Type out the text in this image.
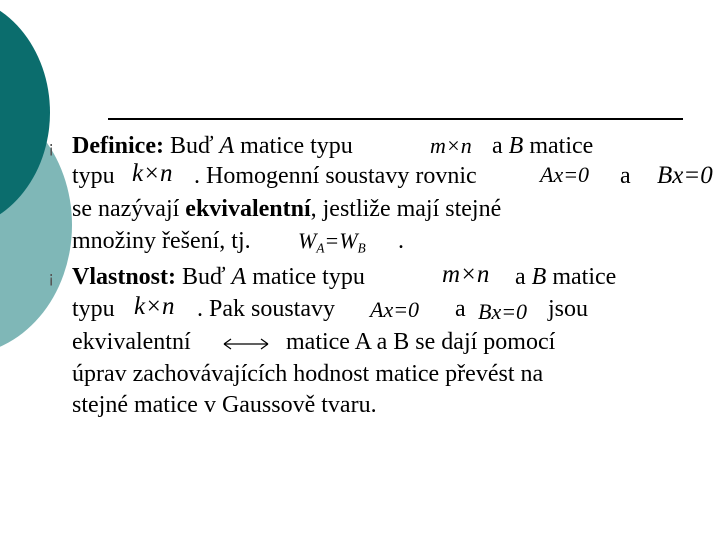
¡ Definice: Buď A matice typu	m×n a B matice
typu k×n . Homogenní soustavy rovnic	Ax=0 a Bx=0
se nazývají ekvivalentní, jestliže mají stejné
množiny řešení, tj. $W_A=W_B$ .
¡ Vlastnost: Buď A matice typu	m×n a B matice
typu k×n . Pak soustavy Ax=0 a Bx=0 jsou
ekvivalentní	matice A a B se dají pomocí
úprav zachovávajících hodnost matice převést na
stejné matice v Gaussově tvaru.
